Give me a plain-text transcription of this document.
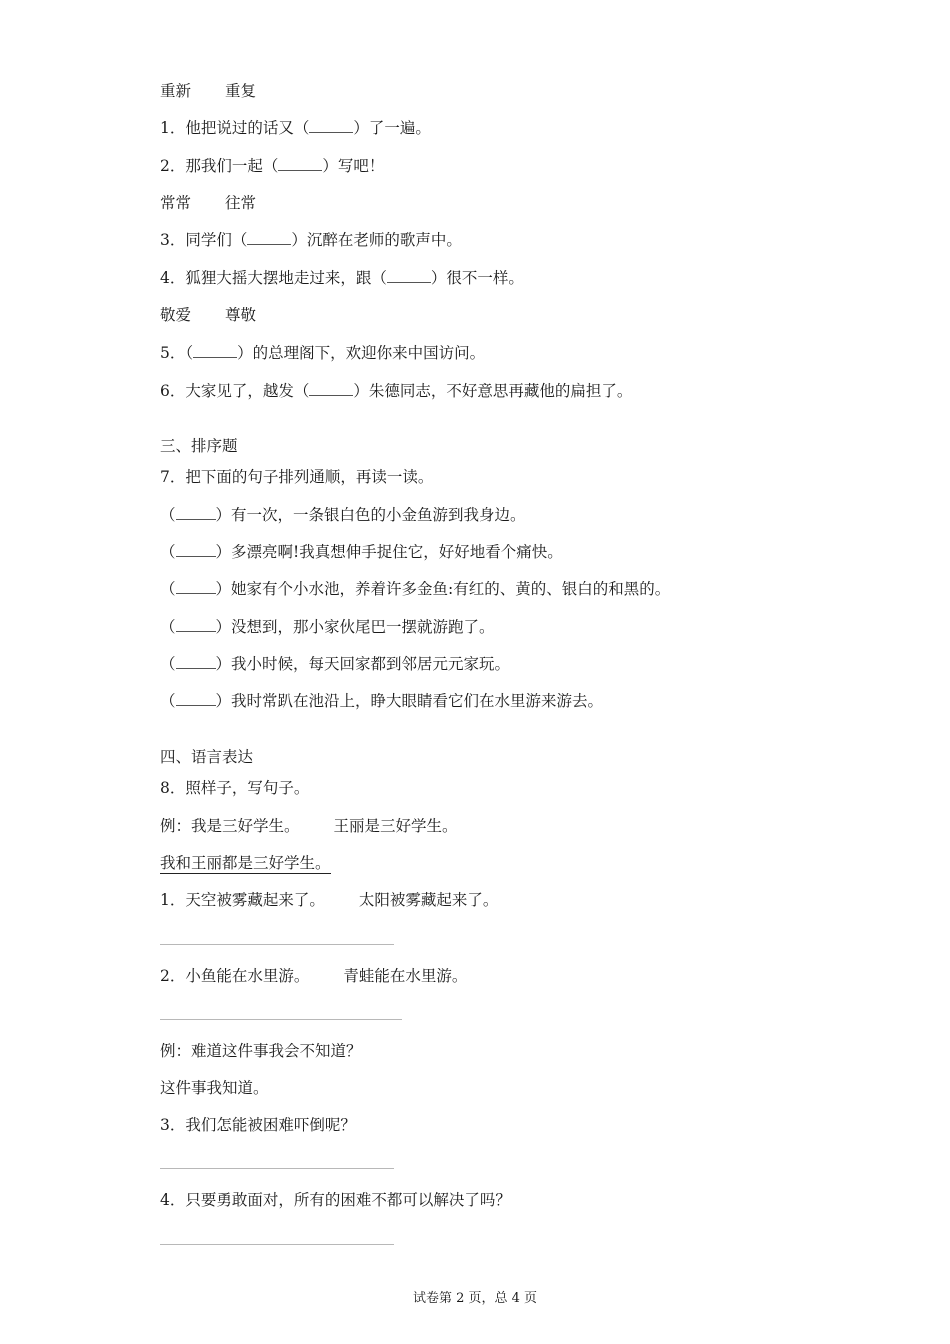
重新 重复
1．他把说过的话又（	）了一遍。
2．那我们一起（	）写吧！
常常 往常
3．同学们（	）沉醉在老师的歌声中。
4．狐狸大摇大摆地走过来，跟（	）很不一样。
敬爱 尊敬
5．（	）的总理阁下，欢迎你来中国访问。
6．大家见了，越发（	）朱德同志，不好意思再藏他的扁担了。
三、排序题
7．把下面的句子排列通顺，再读一读。
（	）有一次，一条银白色的小金鱼游到我身边。
（	）多漂亮啊!我真想伸手捉住它，好好地看个痛快。
（	）她家有个小水池，养着许多金鱼:有红的、黄的、银白的和黑的。
（	）没想到，那小家伙尾巴一摆就游跑了。
（	）我小时候，每天回家都到邻居元元家玩。
（	）我时常趴在池沿上，睁大眼睛看它们在水里游来游去。
四、语言表达
8．照样子，写句子。
例：我是三好学生。 王丽是三好学生。
我和王丽都是三好学生。
1．天空被雾藏起来了。 太阳被雾藏起来了。
2．小鱼能在水里游。 青蛙能在水里游。
例：难道这件事我会不知道？
这件事我知道。
3．我们怎能被困难吓倒呢？
4．只要勇敢面对，所有的困难不都可以解决了吗？
试卷第 2 页，总 4 页
